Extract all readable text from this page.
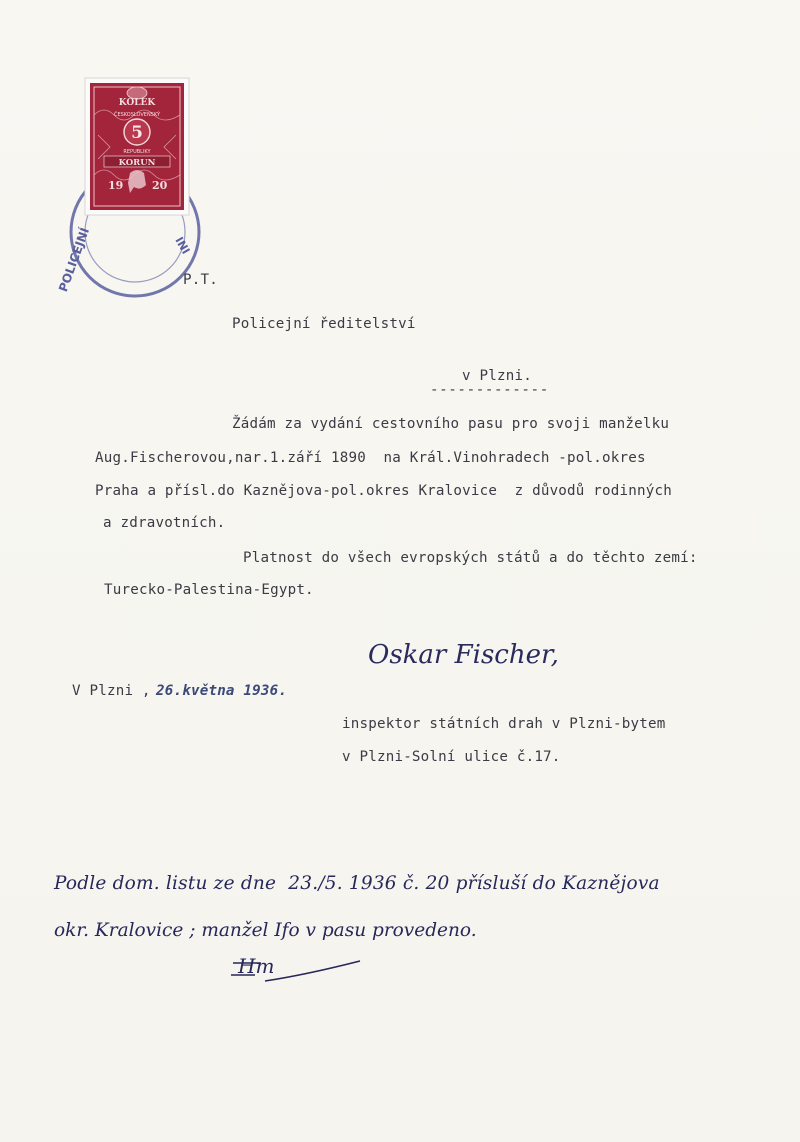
POLICEJNÍ	INI
KOLEK
ČESKOSLOVENSKÝ
5
REPUBLIKY
KORUN
19	20
P.T.
Policejní ředitelství
v Plzni.
-------------
Žádám za vydání cestovního pasu pro svoji manželku
Aug.Fischerovou,nar.1.září 1890  na Král.Vinohradech -pol.okres
Praha a přísl.do Kaznějova-pol.okres Kralovice  z důvodů rodinných
a zdravotních.
Platnost do všech evropských států a do těchto zemí:
Turecko-Palestina-Egypt.
Oskar Fischer,
V Plzni , 26.května 1936.
inspektor státních drah v Plzni-bytem
v Plzni-Solní ulice č.17.
Podle dom. listu ze dne  23./5. 1936 č. 20 přísluší do Kaznějova
okr. Kralovice ; manžel Ifo v pasu provedeno.
Hm
